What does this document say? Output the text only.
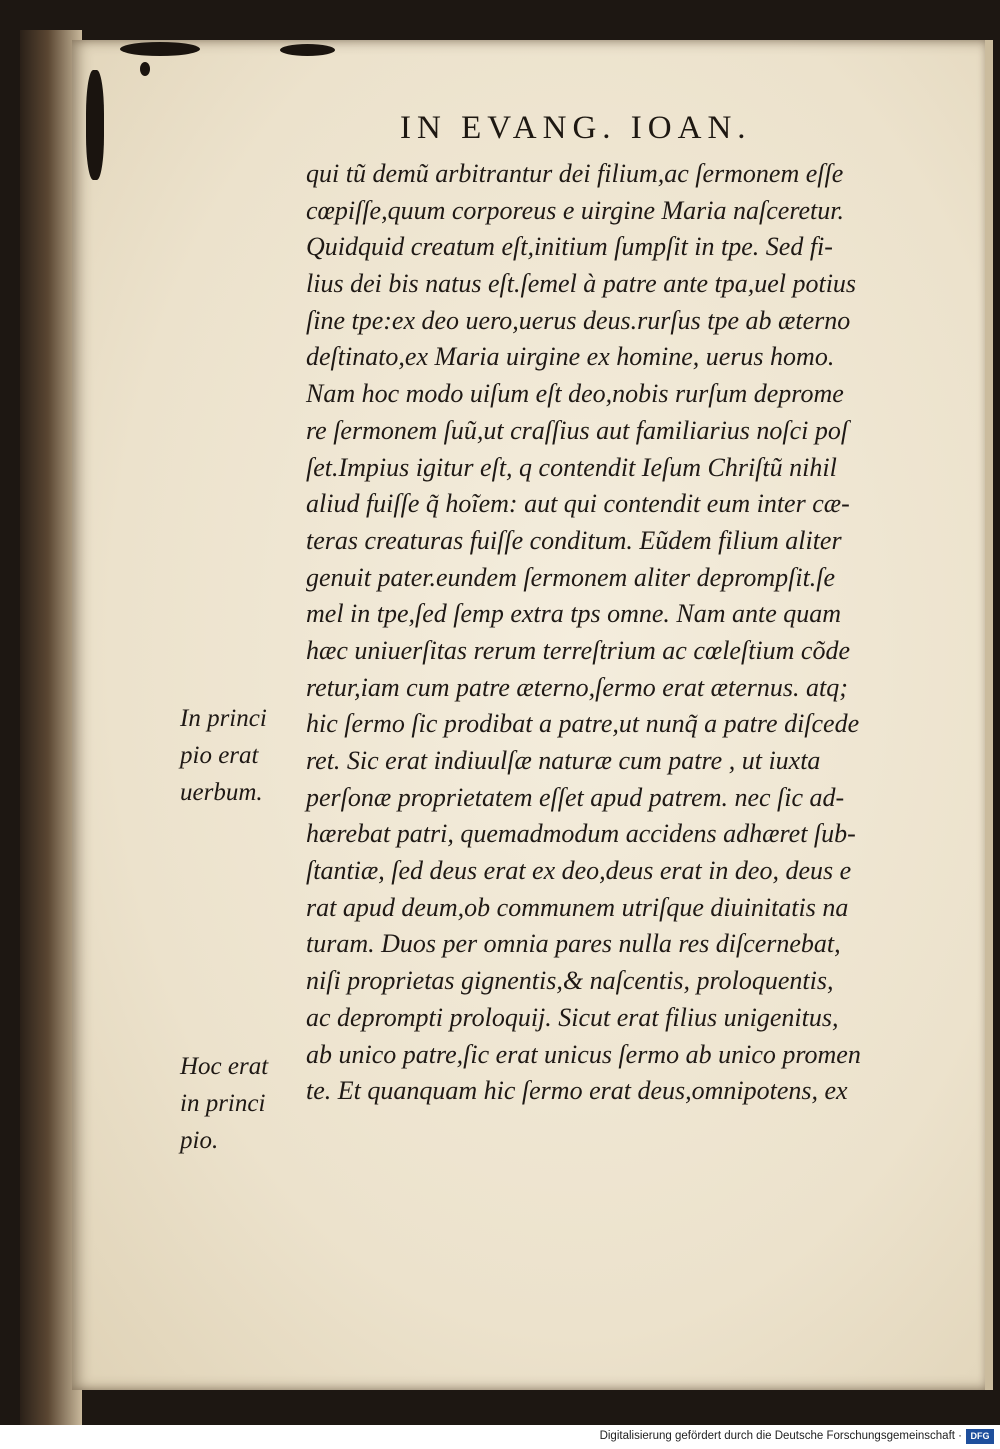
IN EVANG. IOAN.
qui tũ demũ arbitrantur dei filium,ac ſermonem eſſe
cœpiſſe,quum corporeus e uirgine Maria naſceretur.
Quidquid creatum eſt,initium ſumpſit in tpe. Sed fi-
lius dei bis natus eſt.ſemel à patre ante tpa,uel potius
ſine tpe:ex deo uero,uerus deus.rurſus tpe ab æterno
deſtinato,ex Maria uirgine ex homine, uerus homo.
Nam hoc modo uiſum eſt deo,nobis rurſum deprome
re ſermonem ſuũ,ut craſſius aut familiarius noſci poſ
ſet.Impius igitur eſt, q contendit Ieſum Chriſtũ nihil
aliud fuiſſe q̃ hoĩem: aut qui contendit eum inter cæ-
teras creaturas fuiſſe conditum. Eũdem filium aliter
genuit pater.eundem ſermonem aliter deprompſit.ſe
mel in tpe,ſed ſemp extra tps omne. Nam ante quam
hæc uniuerſitas rerum terreſtrium ac cœleſtium cõde
retur,iam cum patre æterno,ſermo erat æternus. atq;
hic ſermo ſic prodibat a patre,ut nunq̃ a patre diſcede
ret. Sic erat indiuulſæ naturæ cum patre , ut iuxta
perſonæ proprietatem eſſet apud patrem. nec ſic ad-
hærebat patri, quemadmodum accidens adhæret ſub-
ſtantiæ, ſed deus erat ex deo,deus erat in deo, deus e
rat apud deum,ob communem utriſque diuinitatis na
turam. Duos per omnia pares nulla res diſcernebat,
niſi proprietas gignentis,& naſcentis, proloquentis,
ac deprompti proloquij. Sicut erat filius unigenitus,
ab unico patre,ſic erat unicus ſermo ab unico promen
te. Et quanquam hic ſermo erat deus,omnipotens, ex
In princi
pio erat
uerbum.
Hoc erat
in princi
pio.
Digitalisierung gefördert durch die Deutsche Forschungsgemeinschaft · DFG
